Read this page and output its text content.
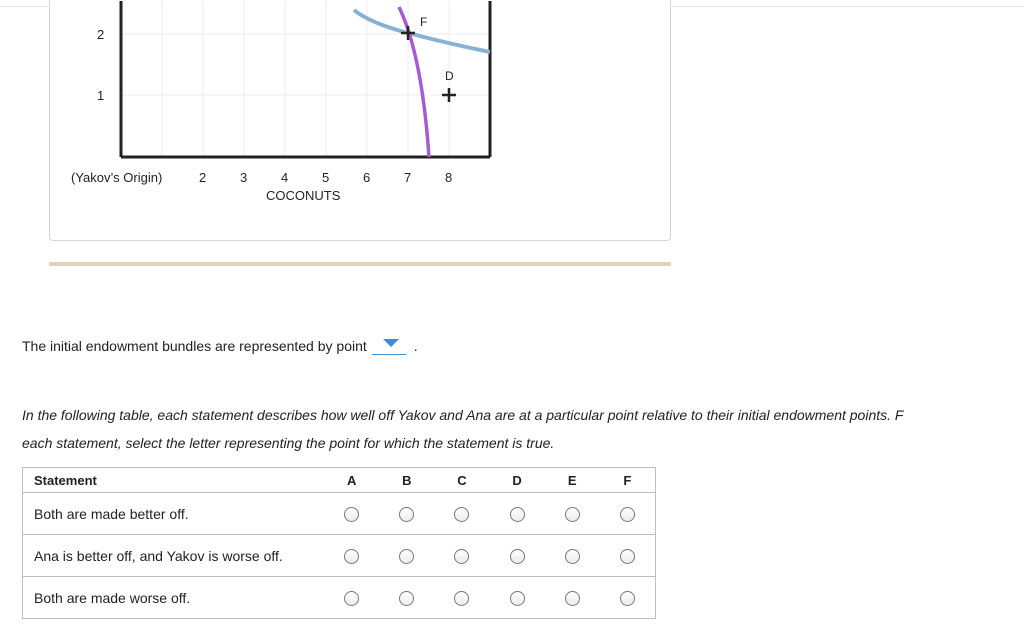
F
D
2
1
(Yakov’s Origin)	2	3	4	5	6	7	8
COCONUTS
The initial endowment bundles are represented by point	.
In the following table, each statement describes how well off Yakov and Ana are at a particular point relative to their initial endowment points. F
each statement, select the letter representing the point for which the statement is true.
Statement	A	B	C	D	E	F
Both are made better off.						
Ana is better off, and Yakov is worse off.						
Both are made worse off.						
